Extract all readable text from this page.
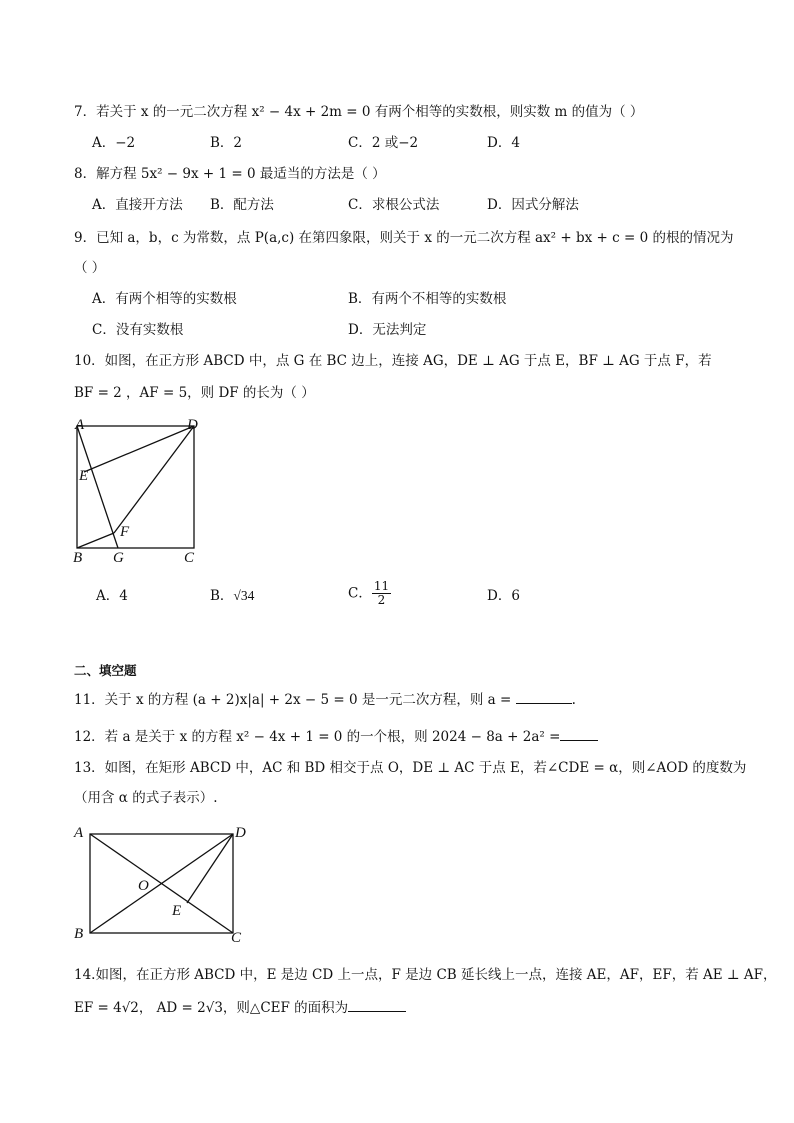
7．若关于 x 的一元二次方程 x² − 4x + 2m = 0 有两个相等的实数根，则实数 m 的值为（ ）
A．−2	B．2	C．2 或−2	D．4
8．解方程 5x² − 9x + 1 = 0 最适当的方法是（ ）
A．直接开方法 B．配方法	C．求根公式法	D．因式分解法
9．已知 a，b，c 为常数，点 P(a,c) 在第四象限，则关于 x 的一元二次方程 ax² + bx + c = 0 的根的情况为
（ ）
A．有两个相等的实数根	B．有两个不相等的实数根
C．没有实数根	D．无法判定
10．如图，在正方形 ABCD 中，点 G 在 BC 边上，连接 AG，DE ⊥ AG 于点 E，BF ⊥ AG 于点 F，若
BF = 2 ，AF = 5，则 DF 的长为（ ）
A	D
E
F
B G	C
A．4	B．√34	C． $\frac{11}{2}$	D．6
二、填空题
11．关于 x 的方程 (a + 2)x|a| + 2x − 5 = 0 是一元二次方程，则 a =	.
12．若 a 是关于 x 的方程 x² − 4x + 1 = 0 的一个根，则 2024 − 8a + 2a² =
13．如图，在矩形 ABCD 中，AC 和 BD 相交于点 O，DE ⊥ AC 于点 E，若∠CDE = α，则∠AOD 的度数为
（用含 α 的式子表示）.
A	D
O
E
B	C
14.如图，在正方形 ABCD 中，E 是边 CD 上一点，F 是边 CB 延长线上一点，连接 AE，AF，EF，若 AE ⊥ AF，
EF = 4√2， AD = 2√3，则△CEF 的面积为
